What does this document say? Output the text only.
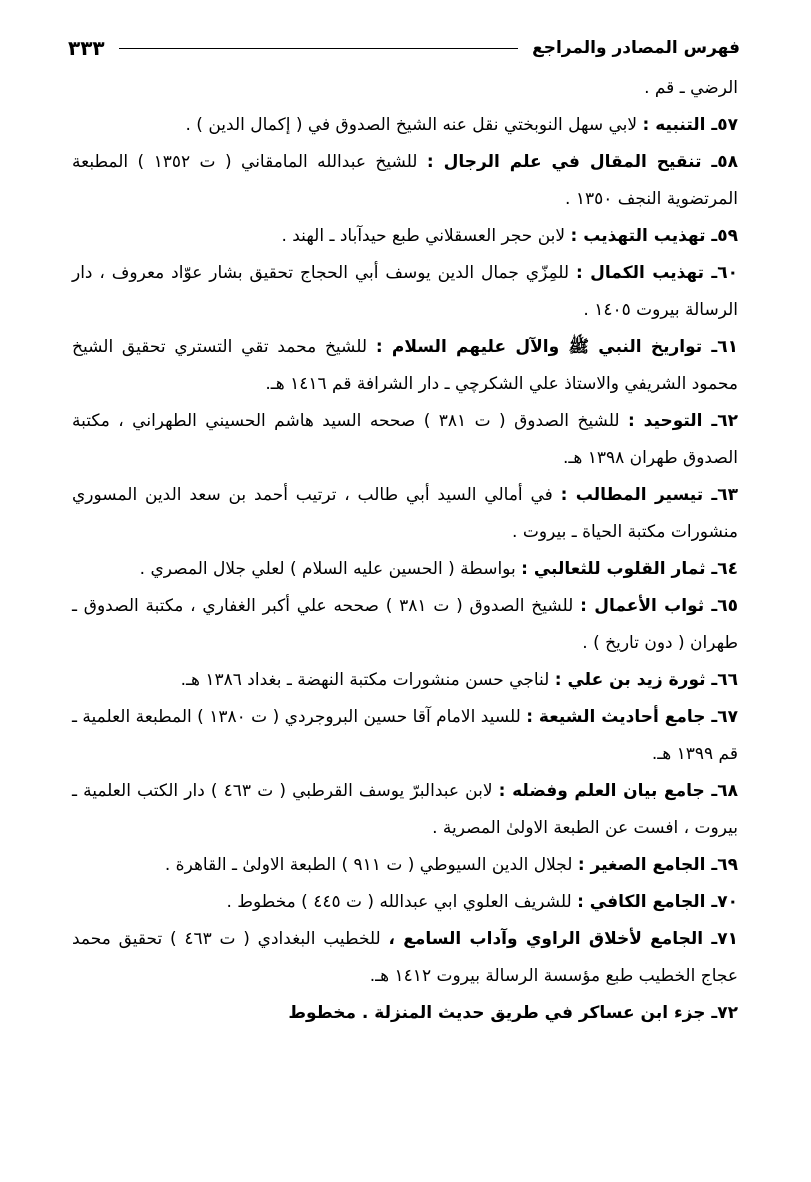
فهرس المصادر والمراجع
٣٣٣

الرضي ـ قم .

٥٧ـ التنبيه : لابي سهل النوبختي نقل عنه الشيخ الصدوق في ( إكمال الدين ) .

٥٨ـ تنقيح المقال في علم الرجال : للشيخ عبدالله المامقاني ( ت ١٣٥٢ ) المطبعة المرتضوية النجف ١٣٥٠ .

٥٩ـ تهذيب التهذيب : لابن حجر العسقلاني طبع حيدآباد ـ الهند .

٦٠ـ تهذيب الكمال : للمِزّي جمال الدين يوسف أبي الحجاج تحقيق بشار عوّاد معروف ، دار الرسالة بيروت ١٤٠٥ .

٦١ـ تواريخ النبي ﷺ والآل عليهم السلام : للشيخ محمد تقي التستري تحقيق الشيخ محمود الشريفي والاستاذ علي الشكرچي ـ دار الشرافة قم ١٤١٦ هـ.

٦٢ـ التوحيد : للشيخ الصدوق ( ت ٣٨١ ) صححه السيد هاشم الحسيني الطهراني ، مكتبة الصدوق طهران ١٣٩٨ هـ.

٦٣ـ تيسير المطالب : في أمالي السيد أبي طالب ، ترتيب أحمد بن سعد الدين المسوري منشورات مكتبة الحياة ـ بيروت .

٦٤ـ ثمار القلوب للثعالبي : بواسطة ( الحسين عليه السلام ) لعلي جلال المصري .

٦٥ـ ثواب الأعمال : للشيخ الصدوق ( ت ٣٨١ ) صححه علي أكبر الغفاري ، مكتبة الصدوق ـ طهران ( دون تاريخ ) .

٦٦ـ ثورة زيد بن علي : لناجي حسن منشورات مكتبة النهضة ـ بغداد ١٣٨٦ هـ.

٦٧ـ جامع أحاديث الشيعة : للسيد الامام آقا حسين البروجردي ( ت ١٣٨٠ ) المطبعة العلمية ـ قم ١٣٩٩ هـ.

٦٨ـ جامع بيان العلم وفضله : لابن عبدالبرّ يوسف القرطبي ( ت ٤٦٣ ) دار الكتب العلمية ـ بيروت ، افست عن الطبعة الاولىٰ المصرية .

٦٩ـ الجامع الصغير : لجلال الدين السيوطي ( ت ٩١١ ) الطبعة الاولىٰ ـ القاهرة .

٧٠ـ الجامع الكافي : للشريف العلوي ابي عبدالله ( ت ٤٤٥ ) مخطوط .

٧١ـ الجامع لأخلاق الراوي وآداب السامع ، للخطيب البغدادي ( ت ٤٦٣ ) تحقيق محمد عجاج الخطيب طبع مؤسسة الرسالة بيروت ١٤١٢ هـ.

٧٢ـ جزء ابن عساكر في طريق حديث المنزلة . مخطوط
